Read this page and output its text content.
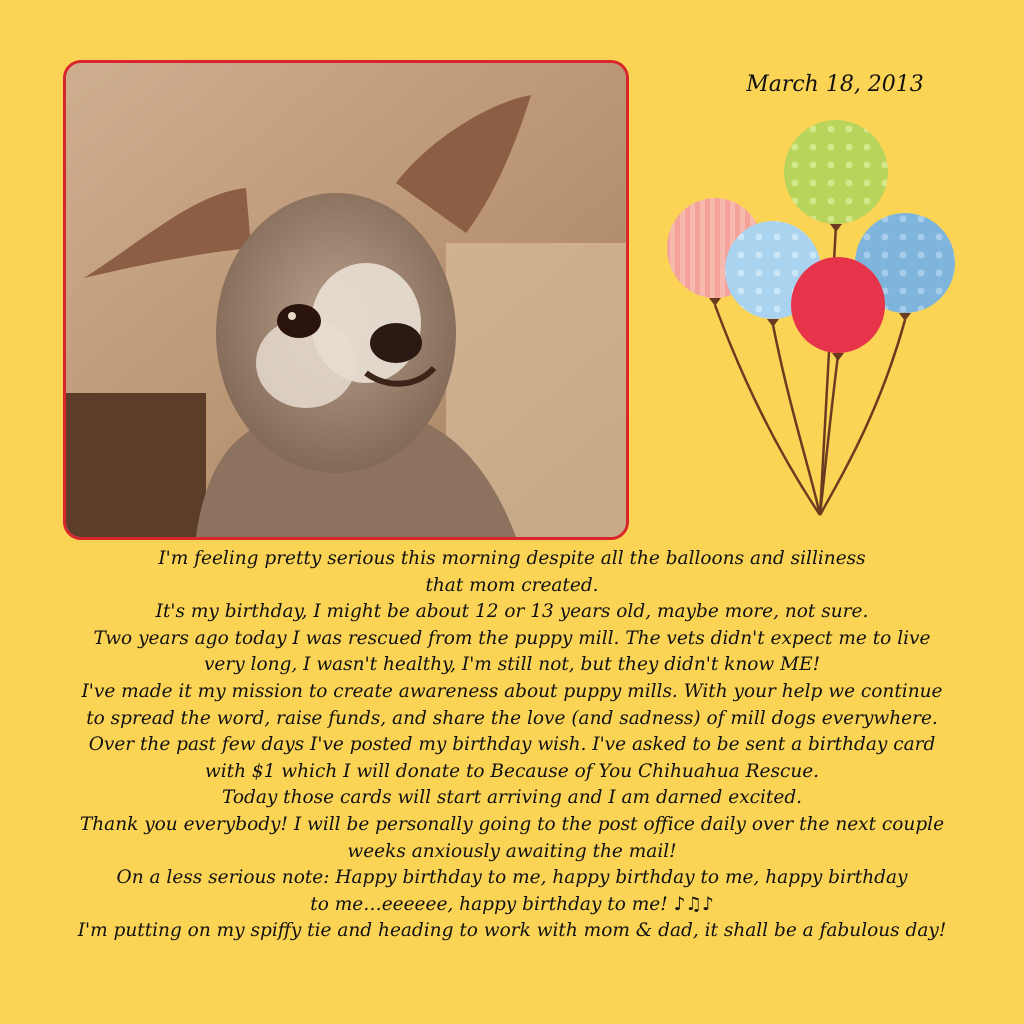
March 18, 2013

I'm feeling pretty serious this morning despite all the balloons and silliness

that mom created.

It's my birthday, I might be about 12 or 13 years old, maybe more, not sure.

Two years ago today I was rescued from the puppy mill. The vets didn't expect me to live

very long, I wasn't healthy, I'm still not, but they didn't know ME!

I've made it my mission to create awareness about puppy mills. With your help we continue

to spread the word, raise funds, and share the love (and sadness) of mill dogs everywhere.

Over the past few days I've posted my birthday wish. I've asked to be sent a birthday card

with $1 which I will donate to Because of You Chihuahua Rescue.

Today those cards will start arriving and I am darned excited.

Thank you everybody! I will be personally going to the post office daily over the next couple

weeks anxiously awaiting the mail!

On a less serious note: Happy birthday to me, happy birthday to me, happy birthday

to me…eeeeee, happy birthday to me! ♪♫♪

I'm putting on my spiffy tie and heading to work with mom & dad, it shall be a fabulous day!
